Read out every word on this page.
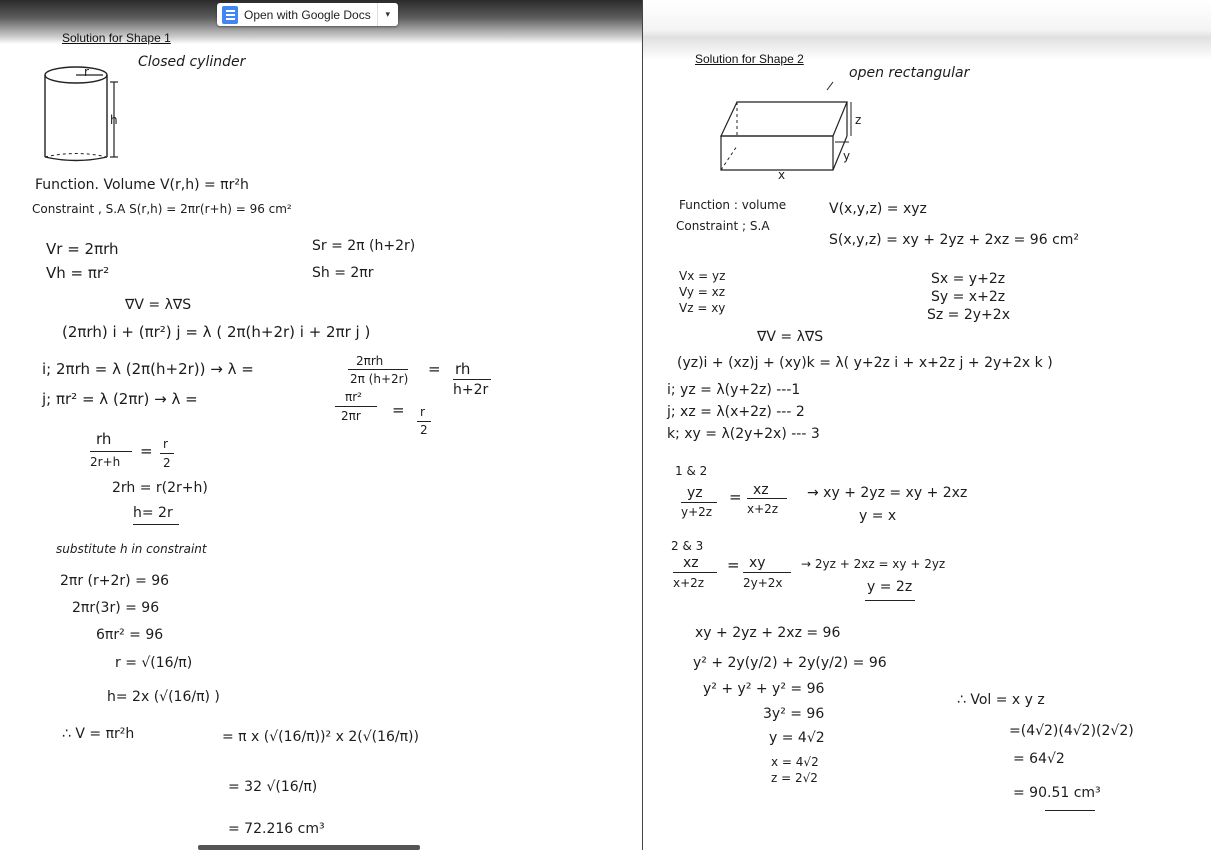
Solution for Shape 1
Closed cylinder
r
h
Function. Volume V(r,h) = πr²h
Constraint , S.A S(r,h) = 2πr(r+h) = 96 cm²
Vr = 2πrh
Vh = πr²
Sr = 2π (h+2r)
Sh = 2πr
∇V = λ∇S
(2πrh) i + (πr²) j = λ ( 2π(h+2r) i + 2πr j )
i; 2πrh = λ (2π(h+2r)) → λ =	2πrh
2π (h+2r)
= rh
h+2r
j; πr² = λ (2πr) → λ =	πr²
2πr = r
2
rh
2r+h
= r
2
2rh = r(2r+h)
h= 2r
substitute h in constraint
2πr (r+2r) = 96
2πr(3r) = 96
6πr² = 96
r = √(16/π)
h= 2x (√(16/π) )
∴ V = πr²h	= π x (√(16/π))² x 2(√(16/π))
= 32 √(16/π)
= 72.216 cm³
Solution for Shape 2
open rectangular
x
y
z
Function : volume	V(x,y,z) = xyz
Constraint ; S.A
S(x,y,z) = xy + 2yz + 2xz = 96 cm²
Vx = yz
Vy = xz
Vz = xy
Sx = y+2z
Sy = x+2z
Sz = 2y+2x
∇V = λ∇S
(yz)i + (xz)j + (xy)k = λ( y+2z i + x+2z j + 2y+2x k )
i; yz = λ(y+2z) ---1
j; xz = λ(x+2z) --- 2
k; xy = λ(2y+2x) --- 3
1 & 2
yz
y+2z
= xz
x+2z
→ xy + 2yz = xy + 2xz
y = x
2 & 3
xz
x+2z
= xy
2y+2x
→ 2yz + 2xz = xy + 2yz
y = 2z
xy + 2yz + 2xz = 96
y² + 2y(y/2) + 2y(y/2) = 96
y² + y² + y² = 96
3y² = 96
y = 4√2
x = 4√2
z = 2√2
∴ Vol = x y z
=(4√2)(4√2)(2√2)
= 64√2
= 90.51 cm³
Open with Google Docs	▾
